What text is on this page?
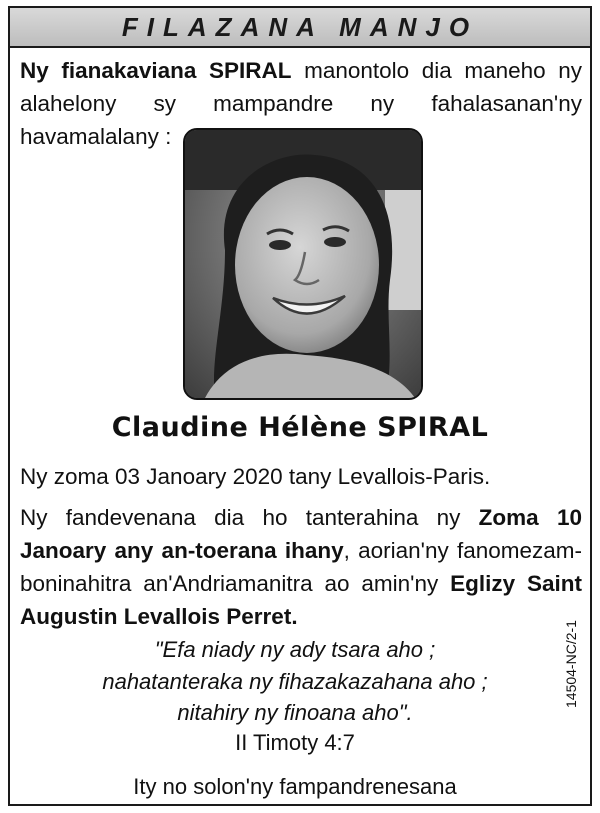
FILAZANA MANJO
Ny fianakaviana SPIRAL manontolo dia maneho ny alahelony sy mampandre ny fahalasanan'ny havamalalany :
Claudine Hélène SPIRAL
Ny zoma 03 Janoary 2020 tany Levallois-Paris.
Ny fandevenana dia ho tanterahina ny Zoma 10 Janoary any an-toerana ihany, aorian'ny fanomezam-boninahitra an'Andriamanitra ao amin'ny Eglizy Saint Augustin Levallois Perret.
"Efa niady ny ady tsara aho ;
nahatanteraka ny fihazakazahana aho ;
nitahiry ny finoana aho".
II Timoty 4:7
Ity no solon'ny fampandrenesana
14504-NC/2-1
